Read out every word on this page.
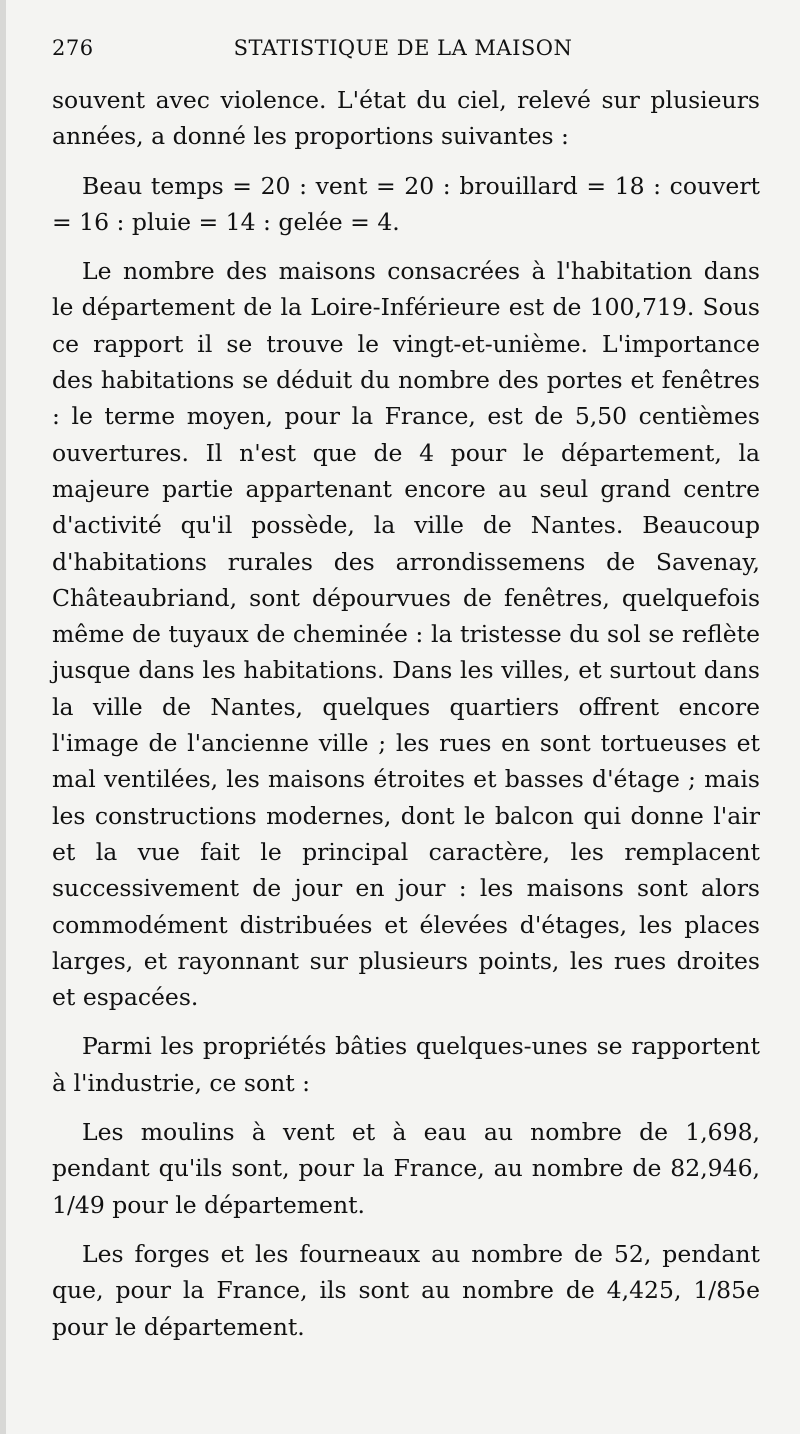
276	STATISTIQUE DE LA MAISON

souvent avec violence. L'état du ciel, relevé sur plusieurs années, a donné les proportions suivantes :

Beau temps = 20 : vent = 20 : brouillard = 18 : couvert = 16 : pluie = 14 : gelée = 4.

Le nombre des maisons consacrées à l'habitation dans le département de la Loire-Inférieure est de 100,719. Sous ce rapport il se trouve le vingt-et-unième. L'importance des habitations se déduit du nombre des portes et fenêtres : le terme moyen, pour la France, est de 5,50 centièmes ouvertures. Il n'est que de 4 pour le département, la majeure partie appartenant encore au seul grand centre d'activité qu'il possède, la ville de Nantes. Beaucoup d'habitations rurales des arrondissemens de Savenay, Châteaubriand, sont dépourvues de fenêtres, quelquefois même de tuyaux de cheminée : la tristesse du sol se reflète jusque dans les habitations. Dans les villes, et surtout dans la ville de Nantes, quelques quartiers offrent encore l'image de l'ancienne ville ; les rues en sont tortueuses et mal ventilées, les maisons étroites et basses d'étage ; mais les constructions modernes, dont le balcon qui donne l'air et la vue fait le principal caractère, les remplacent successivement de jour en jour : les maisons sont alors commodément distribuées et élevées d'étages, les places larges, et rayonnant sur plusieurs points, les rues droites et espacées.

Parmi les propriétés bâties quelques-unes se rapportent à l'industrie, ce sont :

Les moulins à vent et à eau au nombre de 1,698, pendant qu'ils sont, pour la France, au nombre de 82,946, 1/49 pour le département.

Les forges et les fourneaux au nombre de 52, pendant que, pour la France, ils sont au nombre de 4,425, 1/85e pour le département.
